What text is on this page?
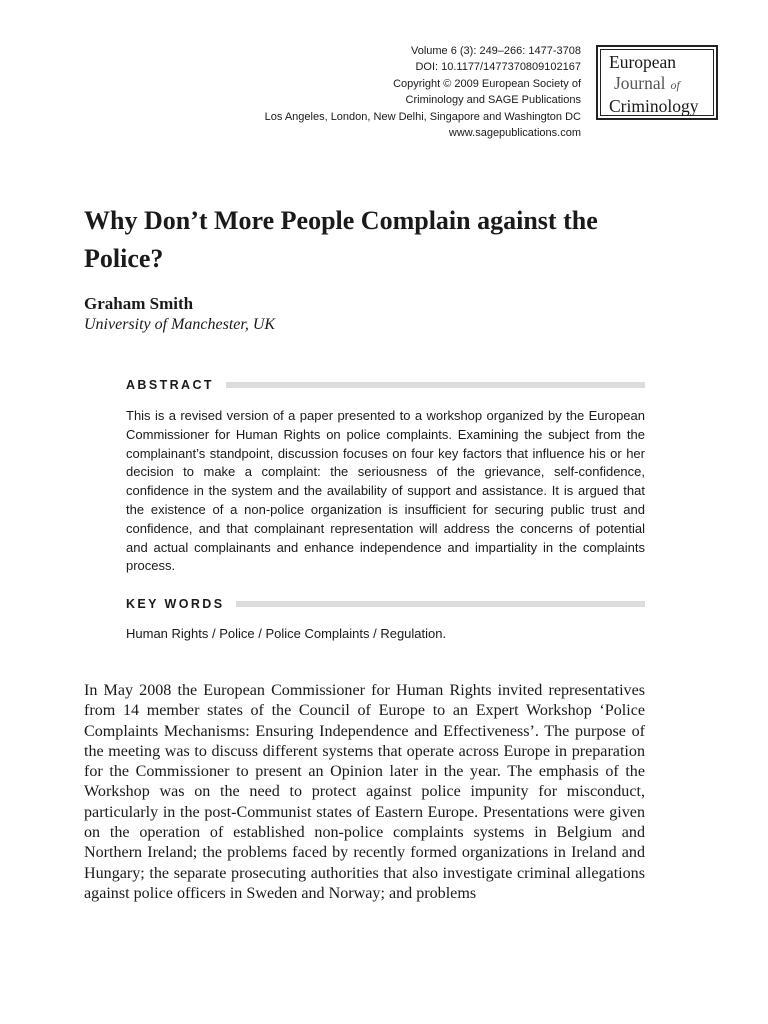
Volume 6 (3): 249–266: 1477-3708
DOI: 10.1177/1477370809102167
Copyright © 2009 European Society of
Criminology and SAGE Publications
Los Angeles, London, New Delhi, Singapore and Washington DC
www.sagepublications.com
European
Journal of
Criminology
Why Don’t More People Complain against the Police?
Graham Smith
University of Manchester, UK
ABSTRACT

This is a revised version of a paper presented to a workshop organized by the European Commissioner for Human Rights on police complaints. Examining the subject from the complainant’s standpoint, discussion focuses on four key factors that influence his or her decision to make a complaint: the seriousness of the grievance, self-confidence, confidence in the system and the availability of support and assistance. It is argued that the existence of a non-police organization is insufficient for securing public trust and confidence, and that complainant representation will address the concerns of potential and actual complainants and enhance independence and impartiality in the complaints process.

KEY WORDS
Human Rights / Police / Police Complaints / Regulation.

In May 2008 the European Commissioner for Human Rights invited representatives from 14 member states of the Council of Europe to an Expert Workshop ‘Police Complaints Mechanisms: Ensuring Independence and Effectiveness’. The purpose of the meeting was to discuss different systems that operate across Europe in preparation for the Commissioner to present an Opinion later in the year. The emphasis of the Workshop was on the need to protect against police impunity for misconduct, particularly in the post-Communist states of Eastern Europe. Presentations were given on the operation of established non-police complaints systems in Belgium and Northern Ireland; the problems faced by recently formed organizations in Ireland and Hungary; the separate prosecuting authorities that also investigate criminal allegations against police officers in Sweden and Norway; and problems
